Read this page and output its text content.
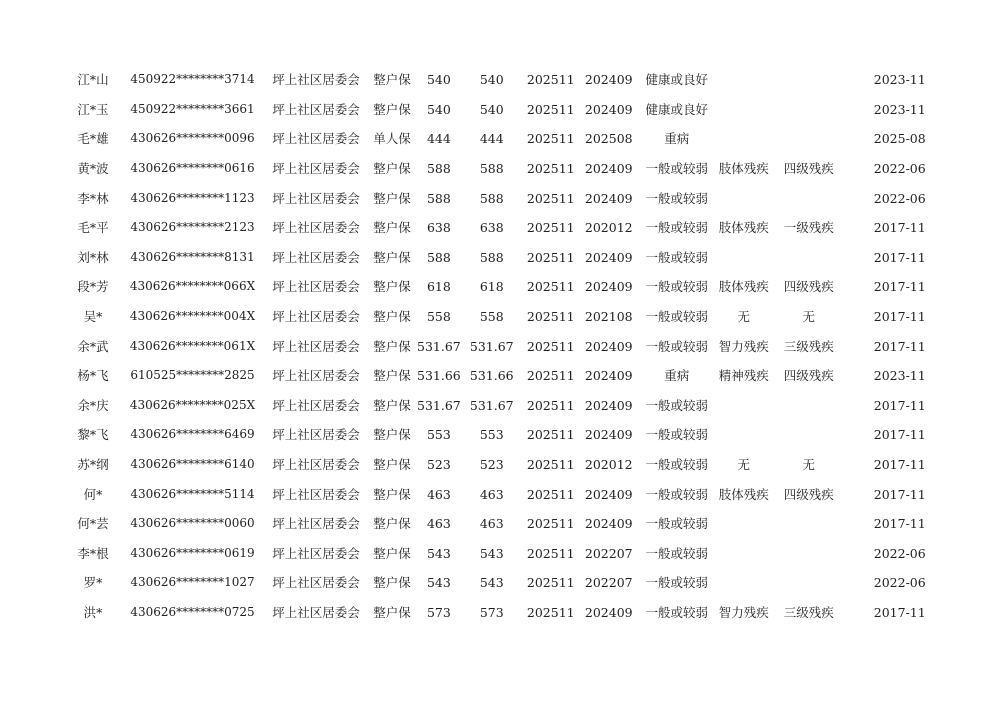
江*山	450922********3714	坪上社区居委会	整户保	540	540	202511	202409	健康或良好				2023-11
江*玉	450922********3661	坪上社区居委会	整户保	540	540	202511	202409	健康或良好				2023-11
毛*雄	430626********0096	坪上社区居委会	单人保	444	444	202511	202508	重病				2025-08
黄*波	430626********0616	坪上社区居委会	整户保	588	588	202511	202409	一般或较弱	肢体残疾	四级残疾		2022-06
李*林	430626********1123	坪上社区居委会	整户保	588	588	202511	202409	一般或较弱				2022-06
毛*平	430626********2123	坪上社区居委会	整户保	638	638	202511	202012	一般或较弱	肢体残疾	一级残疾		2017-11
刘*林	430626********8131	坪上社区居委会	整户保	588	588	202511	202409	一般或较弱				2017-11
段*芳	430626********066X	坪上社区居委会	整户保	618	618	202511	202409	一般或较弱	肢体残疾	四级残疾		2017-11
吴*	430626********004X	坪上社区居委会	整户保	558	558	202511	202108	一般或较弱	无	无		2017-11
余*武	430626********061X	坪上社区居委会	整户保	531.67	531.67	202511	202409	一般或较弱	智力残疾	三级残疾		2017-11
杨*飞	610525********2825	坪上社区居委会	整户保	531.66	531.66	202511	202409	重病	精神残疾	四级残疾		2023-11
余*庆	430626********025X	坪上社区居委会	整户保	531.67	531.67	202511	202409	一般或较弱				2017-11
黎*飞	430626********6469	坪上社区居委会	整户保	553	553	202511	202409	一般或较弱				2017-11
苏*纲	430626********6140	坪上社区居委会	整户保	523	523	202511	202012	一般或较弱	无	无		2017-11
何*	430626********5114	坪上社区居委会	整户保	463	463	202511	202409	一般或较弱	肢体残疾	四级残疾		2017-11
何*芸	430626********0060	坪上社区居委会	整户保	463	463	202511	202409	一般或较弱				2017-11
李*根	430626********0619	坪上社区居委会	整户保	543	543	202511	202207	一般或较弱				2022-06
罗*	430626********1027	坪上社区居委会	整户保	543	543	202511	202207	一般或较弱				2022-06
洪*	430626********0725	坪上社区居委会	整户保	573	573	202511	202409	一般或较弱	智力残疾	三级残疾		2017-11
